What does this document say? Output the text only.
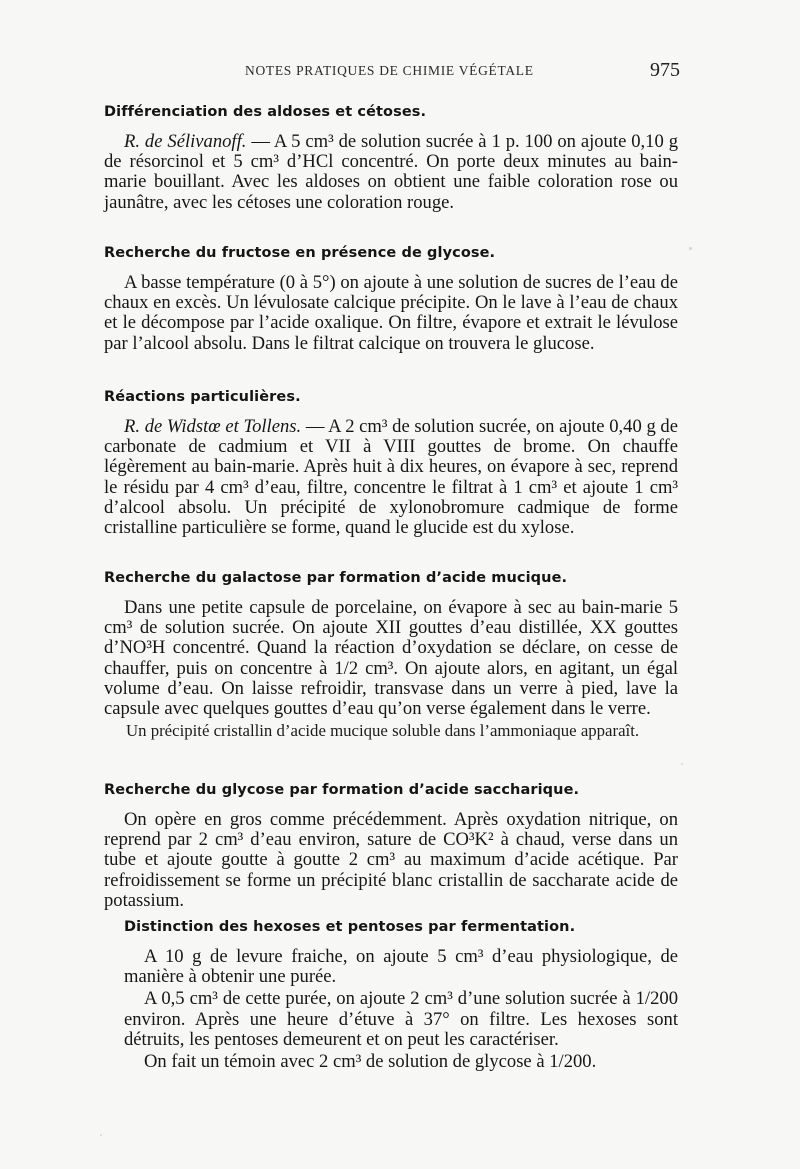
NOTES PRATIQUES DE CHIMIE VÉGÉTALE	975
Différenciation des aldoses et cétoses.

R. de Sélivanoff. — A 5 cm³ de solution sucrée à 1 p. 100 on ajoute 0,10 g de résorcinol et 5 cm³ d’HCl concentré. On porte deux minutes au bain-marie bouillant. Avec les aldoses on obtient une faible coloration rose ou jaunâtre, avec les cétoses une coloration rouge.

Recherche du fructose en présence de glycose.

A basse température (0 à 5°) on ajoute à une solution de sucres de l’eau de chaux en excès. Un lévulosate calcique précipite. On le lave à l’eau de chaux et le décompose par l’acide oxalique. On filtre, évapore et extrait le lévulose par l’alcool absolu. Dans le filtrat calcique on trouvera le glucose.

Réactions particulières.

R. de Widstœ et Tollens. — A 2 cm³ de solution sucrée, on ajoute 0,40 g de carbonate de cadmium et VII à VIII gouttes de brome. On chauffe légèrement au bain-marie. Après huit à dix heures, on évapore à sec, reprend le résidu par 4 cm³ d’eau, filtre, concentre le filtrat à 1 cm³ et ajoute 1 cm³ d’alcool absolu. Un précipité de xylonobromure cadmique de forme cristalline particulière se forme, quand le glucide est du xylose.

Recherche du galactose par formation d’acide mucique.

Dans une petite capsule de porcelaine, on évapore à sec au bain-marie 5 cm³ de solution sucrée. On ajoute XII gouttes d’eau distillée, XX gouttes d’NO³H concentré. Quand la réaction d’oxydation se déclare, on cesse de chauffer, puis on concentre à 1/2 cm³. On ajoute alors, en agitant, un égal volume d’eau. On laisse refroidir, transvase dans un verre à pied, lave la capsule avec quelques gouttes d’eau qu’on verse également dans le verre.

Un précipité cristallin d’acide mucique soluble dans l’ammoniaque apparaît.

Recherche du glycose par formation d’acide saccharique.

On opère en gros comme précédemment. Après oxydation nitrique, on reprend par 2 cm³ d’eau environ, sature de CO³K² à chaud, verse dans un tube et ajoute goutte à goutte 2 cm³ au maximum d’acide acétique. Par refroidissement se forme un précipité blanc cristallin de saccharate acide de potassium.

Distinction des hexoses et pentoses par fermentation.

A 10 g de levure fraiche, on ajoute 5 cm³ d’eau physiologique, de manière à obtenir une purée.

A 0,5 cm³ de cette purée, on ajoute 2 cm³ d’une solution sucrée à 1/200 environ. Après une heure d’étuve à 37° on filtre. Les hexoses sont détruits, les pentoses demeurent et on peut les caractériser.

On fait un témoin avec 2 cm³ de solution de glycose à 1/200.
